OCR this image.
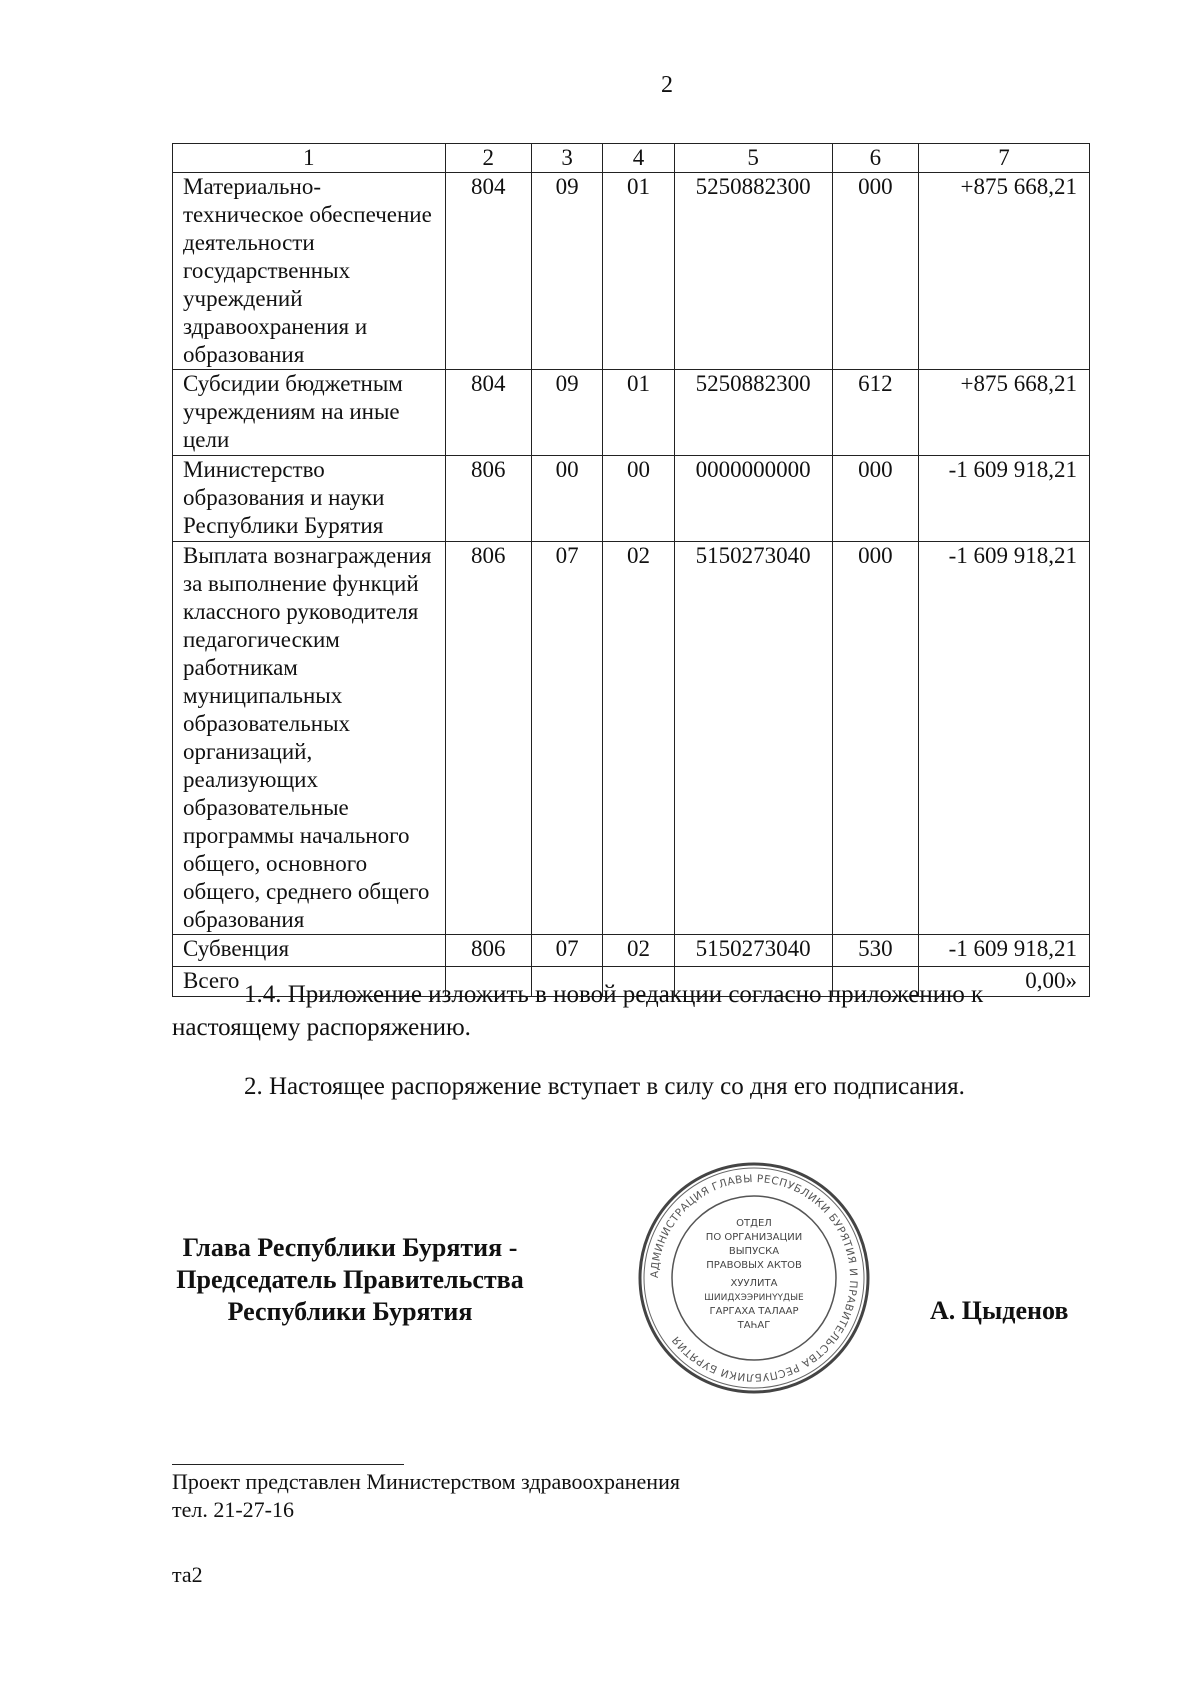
2
1	2	3	4	5	6	7
Материально-техническое обеспечение деятельности государственных учреждений здравоохранения и образования	804	09	01	5250882300	000	+875 668,21
Субсидии бюджетным учреждениям на иные цели	804	09	01	5250882300	612	+875 668,21
Министерство образования и науки Республики Бурятия	806	00	00	0000000000	000	-1 609 918,21
Выплата вознаграждения за выполнение функций классного руководителя педагогическим работникам муниципальных образовательных организаций, реализующих образовательные программы начального общего, основного общего, среднего общего образования	806	07	02	5150273040	000	-1 609 918,21
Субвенция	806	07	02	5150273040	530	-1 609 918,21
Всего						0,00»
1.4. Приложение изложить в новой редакции согласно приложению к настоящему распоряжению.
2. Настоящее распоряжение вступает в силу со дня его подписания.
Глава Республики Бурятия -
Председатель Правительства
Республики Бурятия
АДМИНИСТРАЦИЯ ГЛАВЫ РЕСПУБЛИКИ БУРЯТИЯ И ПРАВИТЕЛЬСТВА РЕСПУБЛИКИ БУРЯТИЯ
ОТДЕЛ
ПО ОРГАНИЗАЦИИ
ВЫПУСКА
ПРАВОВЫХ АКТОВ
ХУУЛИТА
ШИИДХЭЭРИНҮҮДЫЕ
ГАРГАХА ТАЛААР
ТАҺАГ
А. Цыденов
Проект представлен Министерством здравоохранения
тел. 21-27-16
та2
